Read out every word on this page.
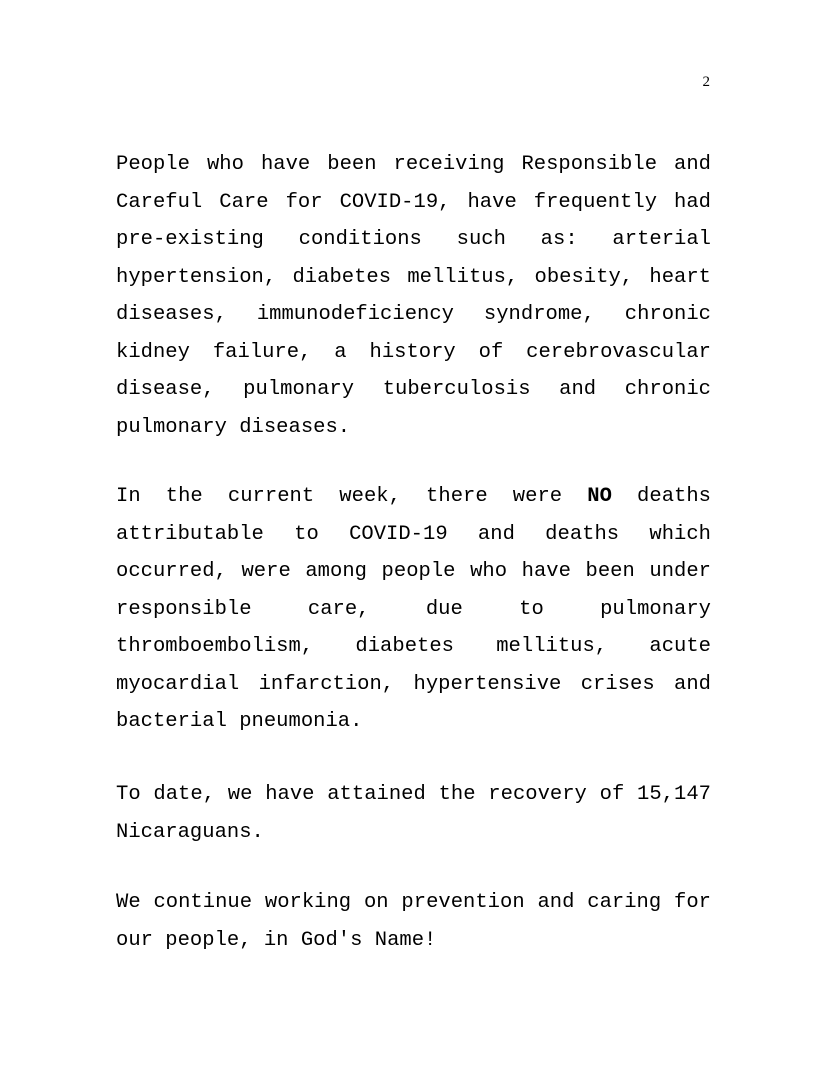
2

People who have been receiving Responsible and Careful Care for COVID-19, have frequently had pre-existing conditions such as: arterial hypertension, diabetes mellitus, obesity, heart diseases, immunodeficiency syndrome, chronic kidney failure, a history of cerebrovascular disease, pulmonary tuberculosis and chronic pulmonary diseases.

In the current week, there were NO deaths attributable to COVID-19 and deaths which occurred, were among people who have been under responsible care, due to pulmonary thromboembolism, diabetes mellitus, acute myocardial infarction, hypertensive crises and bacterial pneumonia.

To date, we have attained the recovery of 15,147 Nicaraguans.

We continue working on prevention and caring for our people, in God's Name!
